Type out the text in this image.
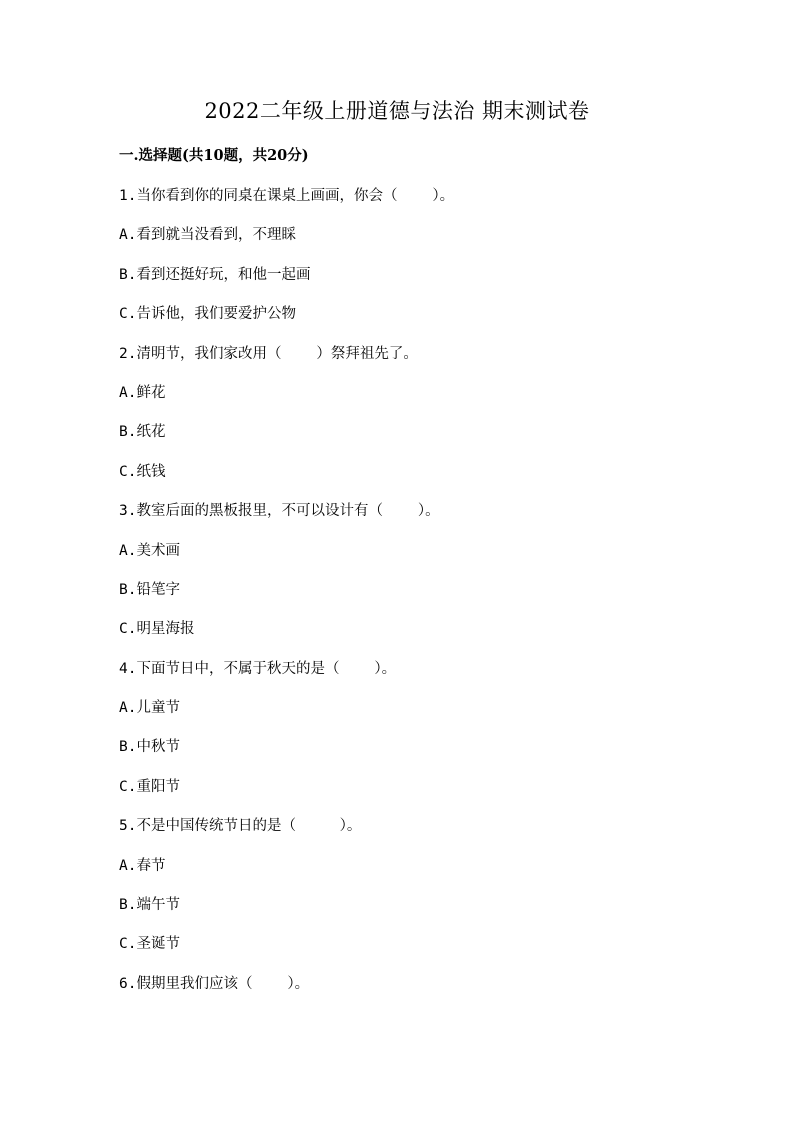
2022二年级上册道德与法治 期末测试卷
一.选择题(共10题，共20分)
1.当你看到你的同桌在课桌上画画，你会（    ）。
A.看到就当没看到，不理睬
B.看到还挺好玩，和他一起画
C.告诉他，我们要爱护公物
2.清明节，我们家改用（    ）祭拜祖先了。
A.鲜花
B.纸花
C.纸钱
3.教室后面的黑板报里，不可以设计有（    ）。
A.美术画
B.铅笔字
C.明星海报
4.下面节日中，不属于秋天的是（    ）。
A.儿童节
B.中秋节
C.重阳节
5.不是中国传统节日的是（     ）。
A.春节
B.端午节
C.圣诞节
6.假期里我们应该（    ）。
